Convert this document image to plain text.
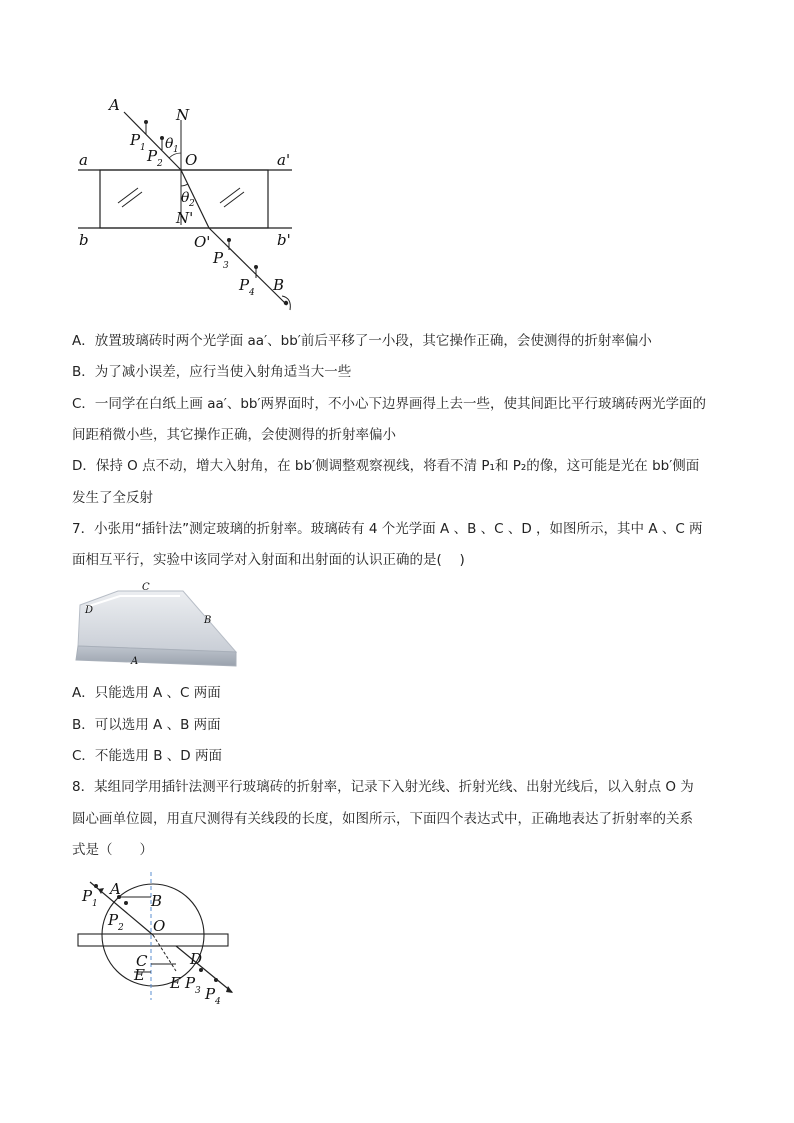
A
N
P 1 θ 1
P 2 O
a	a'
θ 2
N'
b	O'	b'
P 3
P 4 B
A．放置玻璃砖时两个光学面 aa′、bb′前后平移了一小段，其它操作正确，会使测得的折射率偏小
B．为了减小误差，应行当使入射角适当大一些
C．一同学在白纸上画 aa′、bb′两界面时，不小心下边界画得上去一些，使其间距比平行玻璃砖两光学面的
间距稍微小些，其它操作正确，会使测得的折射率偏小
D．保持 O 点不动，增大入射角，在 bb′侧调整观察视线，将看不清 P₁和 P₂的像，这可能是光在 bb′侧面
发生了全反射
7．小张用“插针法”测定玻璃的折射率。玻璃砖有 4 个光学面 A 、B 、C 、D ，如图所示，其中 A 、C 两
面相互平行，实验中该同学对入射面和出射面的认识正确的是(　 )
C
D
B
A
A．只能选用 A 、C 两面
B．可以选用 A 、B 两面
C．不能选用 B 、D 两面
8．某组同学用插针法测平行玻璃砖的折射率，记录下入射光线、折射光线、出射光线后，以入射点 O 为
圆心画单位圆，用直尺测得有关线段的长度，如图所示，下面四个表达式中，正确地表达了折射率的关系
式是（　　）
P 1
A
B
P 2 O
C	D
E E P 3 P 4
